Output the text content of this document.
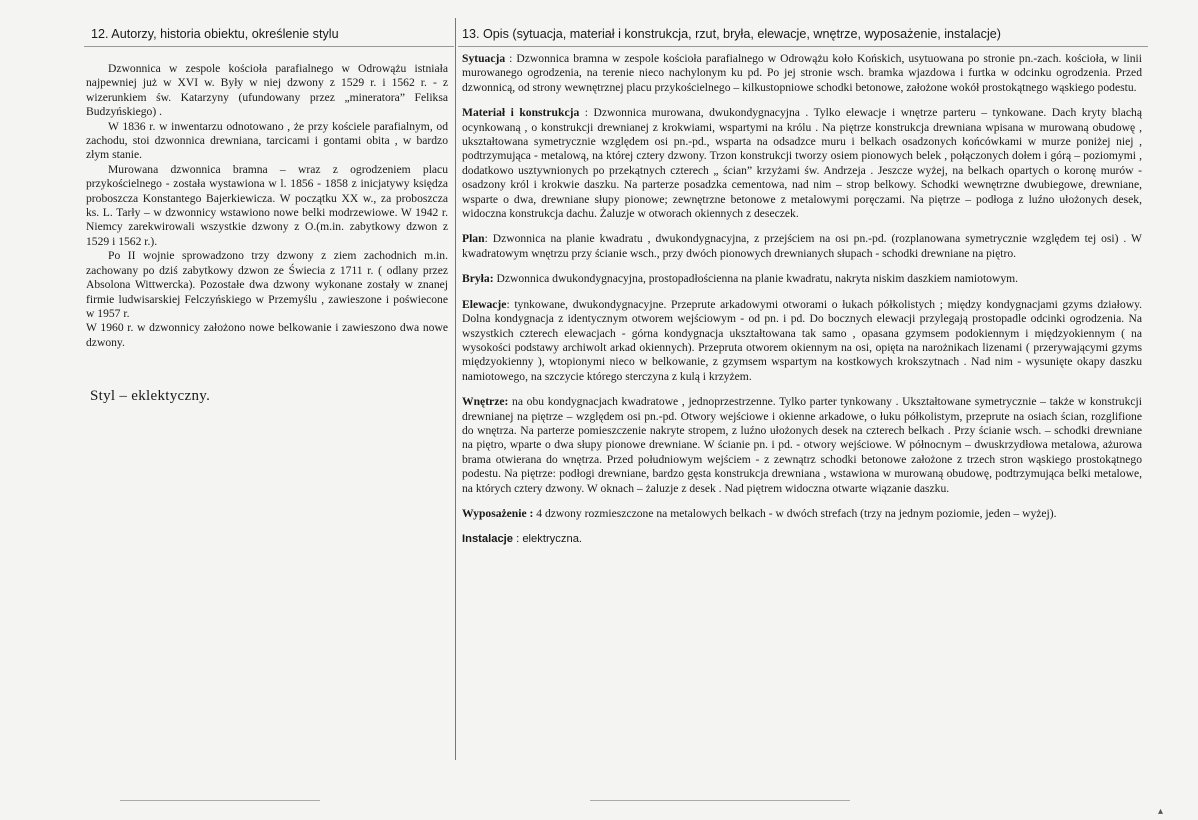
12. Autorzy, historia obiektu, określenie stylu

Dzwonnica w zespole kościoła parafialnego w Odrowążu istniała najpewniej już w XVI w. Były w niej dzwony z 1529 r. i 1562 r. - z wizerunkiem św. Katarzyny (ufundowany przez „mineratora” Feliksa Budzyńskiego) .

W 1836 r. w inwentarzu odnotowano , że przy kościele parafialnym, od zachodu, stoi dzwonnica drewniana, tarcicami i gontami obita , w bardzo złym stanie.

Murowana dzwonnica bramna – wraz z ogrodzeniem placu przykościelnego - została wystawiona w l. 1856 - 1858 z inicjatywy księdza proboszcza Konstantego Bajerkiewicza. W początku XX w., za proboszcza ks. L. Tarły – w dzwonnicy wstawiono nowe belki modrzewiowe. W 1942 r. Niemcy zarekwirowali wszystkie dzwony z O.(m.in. zabytkowy dzwon z 1529 i 1562 r.).

Po II wojnie sprowadzono trzy dzwony z ziem zachodnich m.in. zachowany po dziś zabytkowy dzwon ze Świecia z 1711 r. ( odlany przez Absolona Wittwercka). Pozostałe dwa dzwony wykonane zostały w znanej firmie ludwisarskiej Felczyńskiego w Przemyślu , zawieszone i poświecone w 1957 r.

W 1960 r. w dzwonnicy założono nowe belkowanie i zawieszono dwa nowe dzwony.

Styl – eklektyczny.
13. Opis (sytuacja, materiał i konstrukcja, rzut, bryła, elewacje, wnętrze, wyposażenie, instalacje)

Sytuacja : Dzwonnica bramna w zespole kościoła parafialnego w Odrowążu koło Końskich, usytuowana po stronie pn.-zach. kościoła, w linii murowanego ogrodzenia, na terenie nieco nachylonym ku pd. Po jej stronie wsch. bramka wjazdowa i furtka w odcinku ogrodzenia. Przed dzwonnicą, od strony wewnętrznej placu przykościelnego – kilkustopniowe schodki betonowe, założone wokół prostokątnego wąskiego podestu.

Materiał i konstrukcja : Dzwonnica murowana, dwukondygnacyjna . Tylko elewacje i wnętrze parteru – tynkowane. Dach kryty blachą ocynkowaną , o konstrukcji drewnianej z krokwiami, wspartymi na królu . Na piętrze konstrukcja drewniana wpisana w murowaną obudowę , ukształtowana symetrycznie względem osi pn.-pd., wsparta na odsadzce muru i belkach osadzonych końcówkami w murze poniżej niej , podtrzymująca - metalową, na której cztery dzwony. Trzon konstrukcji tworzy osiem pionowych belek , połączonych dołem i górą – poziomymi , dodatkowo usztywnionych po przekątnych czterech „ ścian” krzyżami św. Andrzeja . Jeszcze wyżej, na belkach opartych o koronę murów - osadzony król i krokwie daszku. Na parterze posadzka cementowa, nad nim – strop belkowy. Schodki wewnętrzne dwubiegowe, drewniane, wsparte o dwa, drewniane słupy pionowe; zewnętrzne betonowe z metalowymi poręczami. Na piętrze – podłoga z luźno ułożonych desek, widoczna konstrukcja dachu. Żaluzje w otworach okiennych z deseczek.

Plan: Dzwonnica na planie kwadratu , dwukondygnacyjna, z przejściem na osi pn.-pd. (rozplanowana symetrycznie względem tej osi) . W kwadratowym wnętrzu przy ścianie wsch., przy dwóch pionowych drewnianych słupach - schodki drewniane na piętro.

Bryła: Dzwonnica dwukondygnacyjna, prostopadłościenna na planie kwadratu, nakryta niskim daszkiem namiotowym.

Elewacje: tynkowane, dwukondygnacyjne. Przeprute arkadowymi otworami o łukach półkolistych ; między kondygnacjami gzyms działowy. Dolna kondygnacja z identycznym otworem wejściowym - od pn. i pd. Do bocznych elewacji przylegają prostopadle odcinki ogrodzenia. Na wszystkich czterech elewacjach - górna kondygnacja ukształtowana tak samo , opasana gzymsem podokiennym i międzyokiennym ( na wysokości podstawy archiwolt arkad okiennych). Przepruta otworem okiennym na osi, opięta na narożnikach lizenami ( przerywającymi gzyms międzyokienny ), wtopionymi nieco w belkowanie, z gzymsem wspartym na kostkowych krokszytnach . Nad nim - wysunięte okapy daszku namiotowego, na szczycie którego sterczyna z kulą i krzyżem.

Wnętrze: na obu kondygnacjach kwadratowe , jednoprzestrzenne. Tylko parter tynkowany . Ukształtowane symetrycznie – także w konstrukcji drewnianej na piętrze – względem osi pn.-pd. Otwory wejściowe i okienne arkadowe, o łuku półkolistym, przeprute na osiach ścian, rozglifione do wnętrza. Na parterze pomieszczenie nakryte stropem, z luźno ułożonych desek na czterech belkach . Przy ścianie wsch. – schodki drewniane na piętro, wparte o dwa słupy pionowe drewniane. W ścianie pn. i pd. - otwory wejściowe. W północnym – dwuskrzydłowa metalowa, ażurowa brama otwierana do wnętrza. Przed południowym wejściem - z zewnątrz schodki betonowe założone z trzech stron wąskiego prostokątnego podestu. Na piętrze: podłogi drewniane, bardzo gęsta konstrukcja drewniana , wstawiona w murowaną obudowę, podtrzymująca belki metalowe, na których cztery dzwony. W oknach – żaluzje z desek . Nad piętrem widoczna otwarte wiązanie daszku.

Wyposażenie : 4 dzwony rozmieszczone na metalowych belkach - w dwóch strefach (trzy na jednym poziomie, jeden – wyżej).

Instalacje : elektryczna.
▴
